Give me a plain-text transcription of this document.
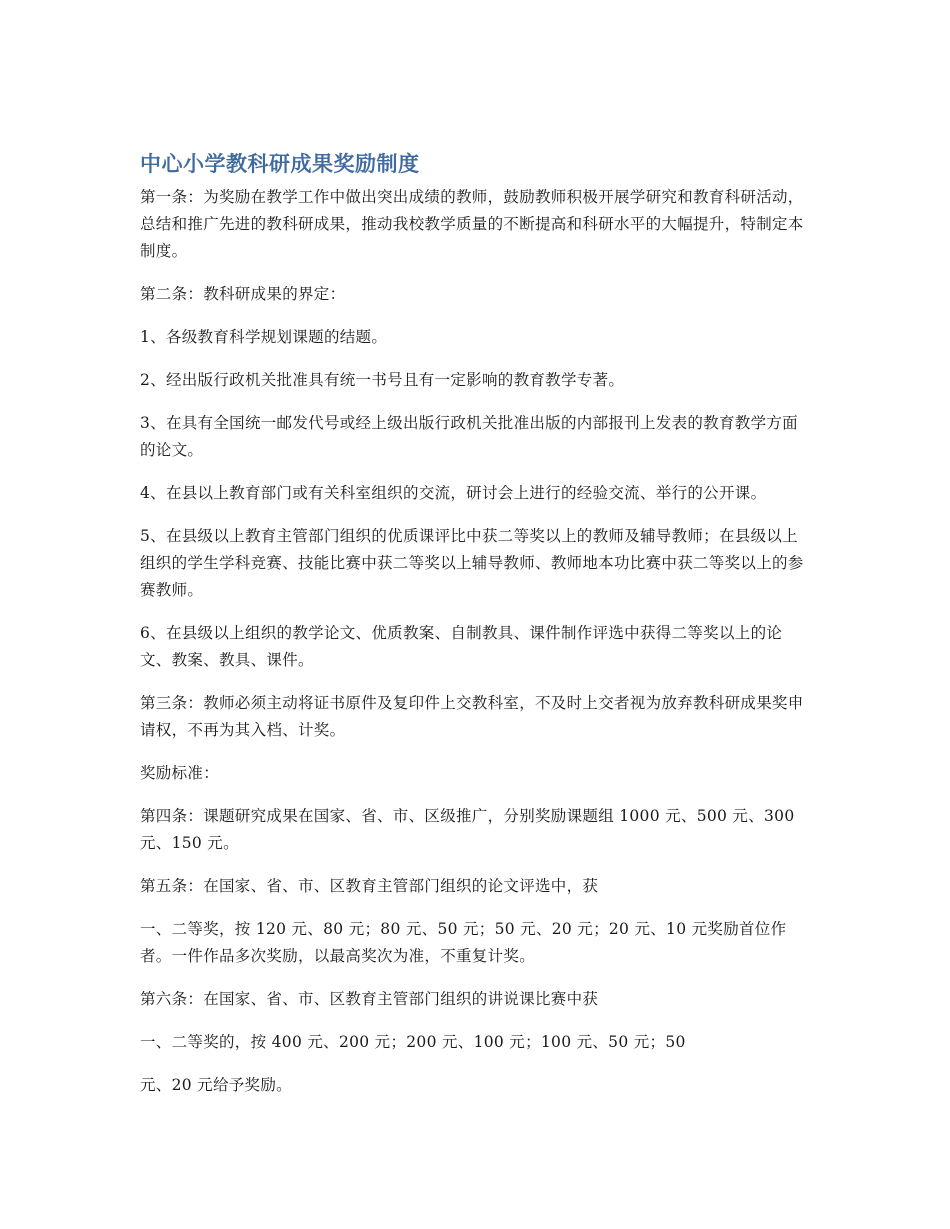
中心小学教科研成果奖励制度

第一条：为奖励在教学工作中做出突出成绩的教师，鼓励教师积极开展学研究和教育科研活动，总结和推广先进的教科研成果，推动我校教学质量的不断提高和科研水平的大幅提升，特制定本制度。

第二条：教科研成果的界定：

1、各级教育科学规划课题的结题。

2、经出版行政机关批准具有统一书号且有一定影响的教育教学专著。

3、在具有全国统一邮发代号或经上级出版行政机关批准出版的内部报刊上发表的教育教学方面的论文。

4、在县以上教育部门或有关科室组织的交流，研讨会上进行的经验交流、举行的公开课。

5、在县级以上教育主管部门组织的优质课评比中获二等奖以上的教师及辅导教师；在县级以上组织的学生学科竞赛、技能比赛中获二等奖以上辅导教师、教师地本功比赛中获二等奖以上的参赛教师。

6、在县级以上组织的教学论文、优质教案、自制教具、课件制作评选中获得二等奖以上的论文、教案、教具、课件。

第三条：教师必须主动将证书原件及复印件上交教科室，不及时上交者视为放弃教科研成果奖申请权，不再为其入档、计奖。

奖励标准：

第四条：课题研究成果在国家、省、市、区级推广，分别奖励课题组 1000 元、500 元、300 元、150 元。

第五条：在国家、省、市、区教育主管部门组织的论文评选中，获

一、二等奖，按 120 元、80 元；80 元、50 元；50 元、20 元；20 元、10 元奖励首位作者。一件作品多次奖励，以最高奖次为准，不重复计奖。

第六条：在国家、省、市、区教育主管部门组织的讲说课比赛中获

一、二等奖的，按 400 元、200 元；200 元、100 元；100 元、50 元；50

元、20 元给予奖励。
